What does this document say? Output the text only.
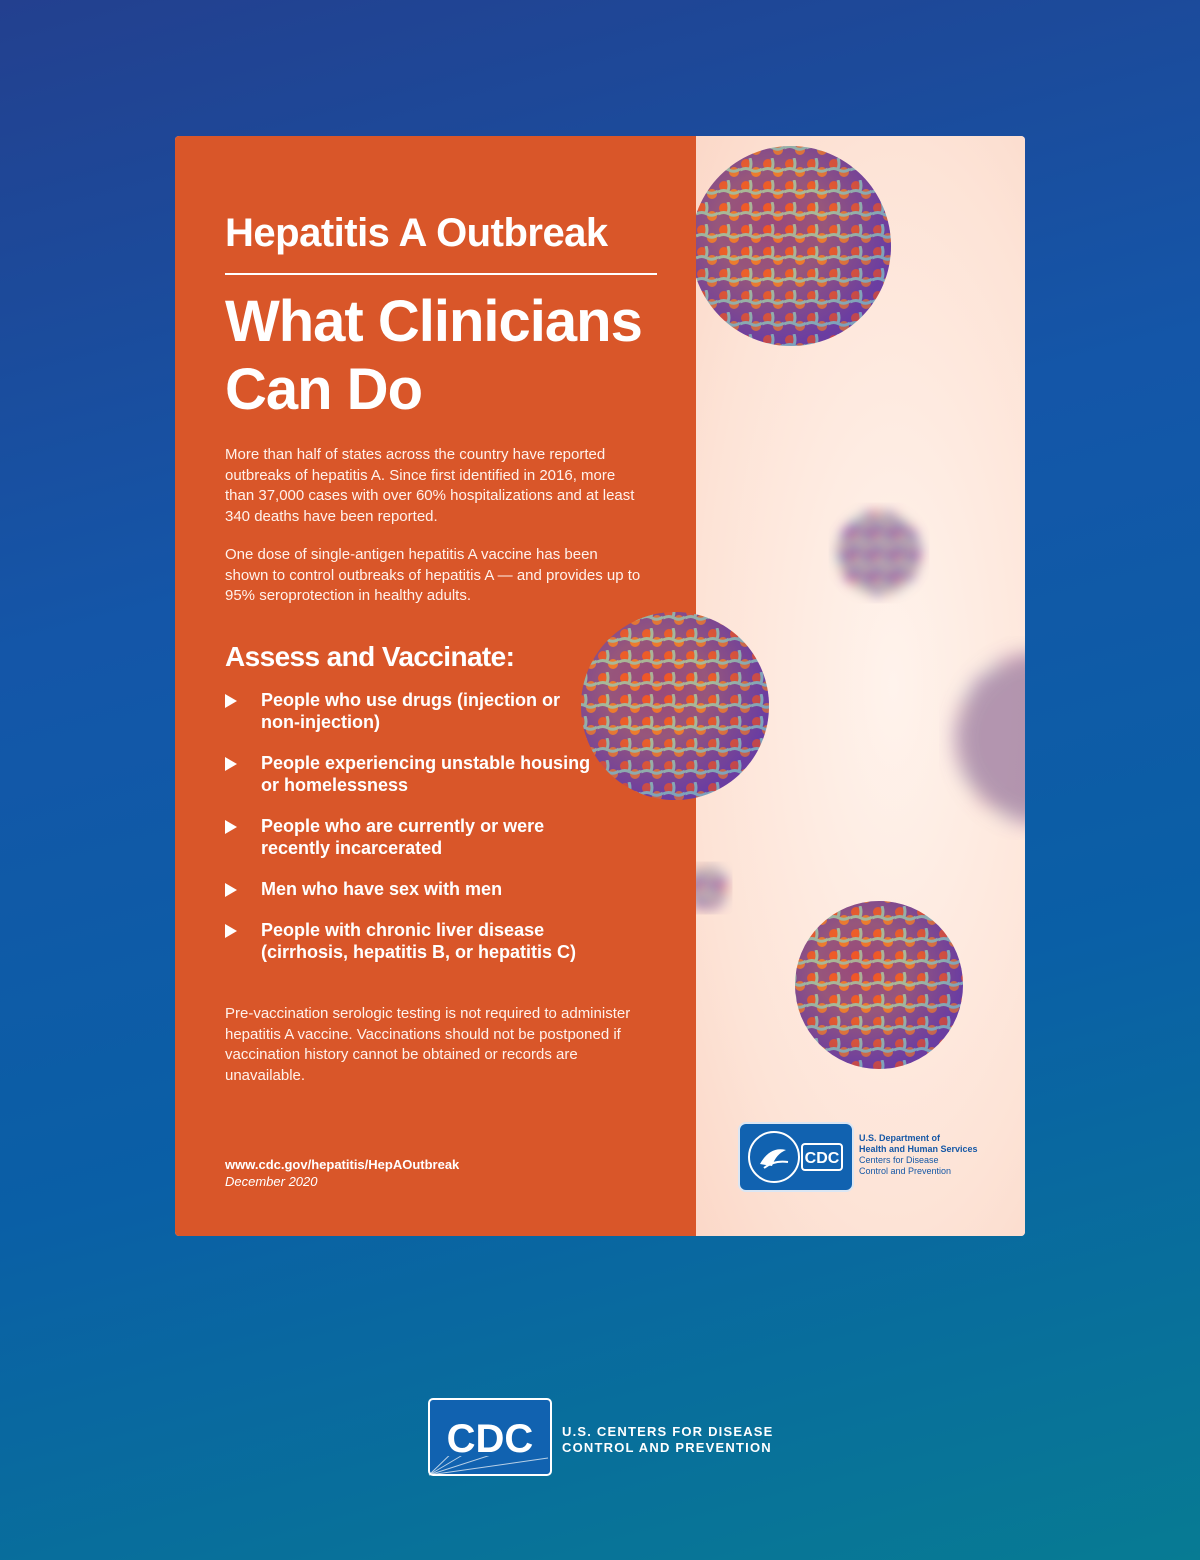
Hepatitis A Outbreak
What Clinicians Can Do

More than half of states across the country have reported outbreaks of hepatitis A. Since first identified in 2016, more than 37,000 cases with over 60% hospitalizations and at least 340 deaths have been reported.

One dose of single-antigen hepatitis A vaccine has been shown to control outbreaks of hepatitis A — and provides up to 95% seroprotection in healthy adults.

Assess and Vaccinate:
People who use drugs (injection or non-injection)
People experiencing unstable housing or homelessness
People who are currently or were recently incarcerated
Men who have sex with men
People with chronic liver disease (cirrhosis, hepatitis B, or hepatitis C)

Pre-vaccination serologic testing is not required to administer hepatitis A vaccine. Vaccinations should not be postponed if vaccination history cannot be obtained or records are unavailable.

www.cdc.gov/hepatitis/HepAOutbreak

December 2020

CDC
U.S. Department of
Health and Human Services
Centers for Disease
Control and Prevention
CDC U.S. CENTERS FOR DISEASE
CONTROL AND PREVENTION
